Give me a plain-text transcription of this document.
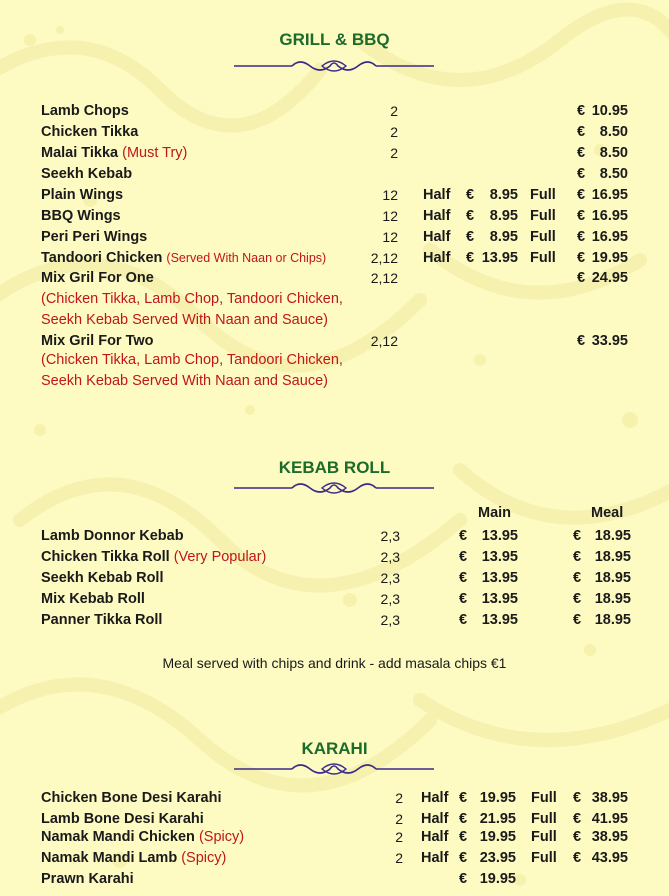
GRILL & BBQ
Lamb Chops	2	€ 10.95
Chicken Tikka	2	€	8.50
Malai Tikka (Must Try)	2	€	8.50
Seekh Kebab	€	8.50
Plain Wings	12 Half €	8.95 Full € 16.95
BBQ Wings	12 Half €	8.95 Full € 16.95
Peri Peri Wings	12 Half €	8.95 Full € 16.95
Tandoori Chicken (Served With Naan or Chips)	2,12 Half € 13.95 Full € 19.95
Mix Gril For One	2,12	€ 24.95
Mix Gril For Two	2,12	€ 33.95
(Chicken Tikka, Lamb Chop, Tandoori Chicken,
Seekh Kebab Served With Naan and Sauce)
(Chicken Tikka, Lamb Chop, Tandoori Chicken,
Seekh Kebab Served With Naan and Sauce)
KEBAB ROLL
Main	Meal
Lamb Donnor Kebab	2,3	€	13.95	€ 18.95
Chicken Tikka Roll (Very Popular)	2,3	€	13.95	€ 18.95
Seekh Kebab Roll	2,3	€	13.95	€ 18.95
Mix Kebab Roll	2,3	€	13.95	€ 18.95
Panner Tikka Roll	2,3	€	13.95	€ 18.95
Meal served with chips and drink - add masala chips €1
KARAHI
Chicken Bone Desi Karahi	2 Half € 19.95 Full € 38.95
Lamb Bone Desi Karahi	2 Half € 21.95 Full € 41.95
Namak Mandi Chicken (Spicy)	2 Half € 19.95 Full € 38.95
Namak Mandi Lamb (Spicy)	2 Half € 23.95 Full € 43.95
Prawn Karahi	€ 19.95
